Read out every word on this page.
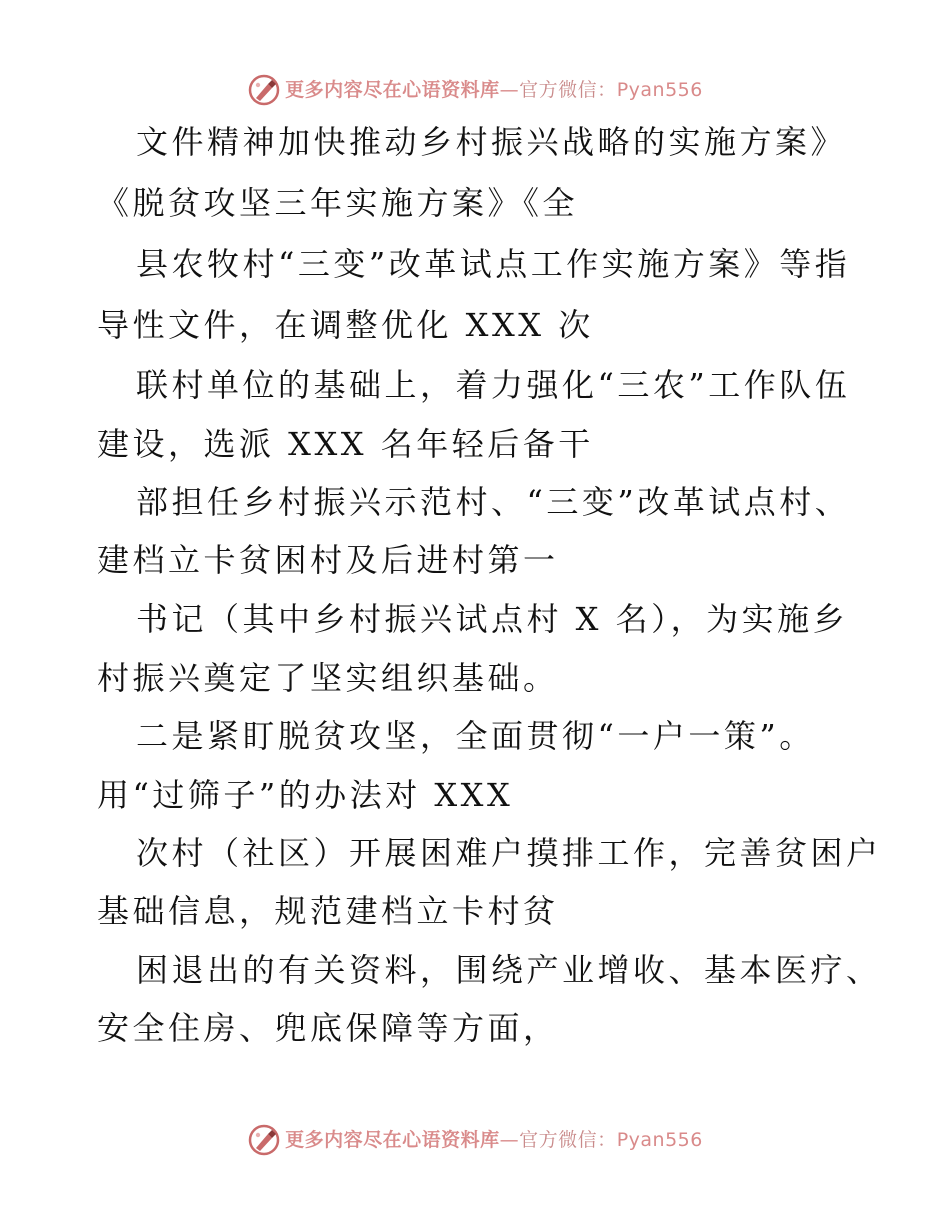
更多内容尽在心语资料库—官方微信：Pyan556
文件精神加快推动乡村振兴战略的实施方案》
《脱贫攻坚三年实施方案》《全
县农牧村“三变”改革试点工作实施方案》等指
导性文件，在调整优化 XXX 次
联村单位的基础上，着力强化“三农”工作队伍
建设，选派 XXX 名年轻后备干
部担任乡村振兴示范村、“三变”改革试点村、
建档立卡贫困村及后进村第一
书记（其中乡村振兴试点村 X 名），为实施乡
村振兴奠定了坚实组织基础。
二是紧盯脱贫攻坚，全面贯彻“一户一策”。
用“过筛子”的办法对 XXX
次村（社区）开展困难户摸排工作，完善贫困户
基础信息，规范建档立卡村贫
困退出的有关资料，围绕产业增收、基本医疗、
安全住房、兜底保障等方面，
更多内容尽在心语资料库—官方微信：Pyan556
